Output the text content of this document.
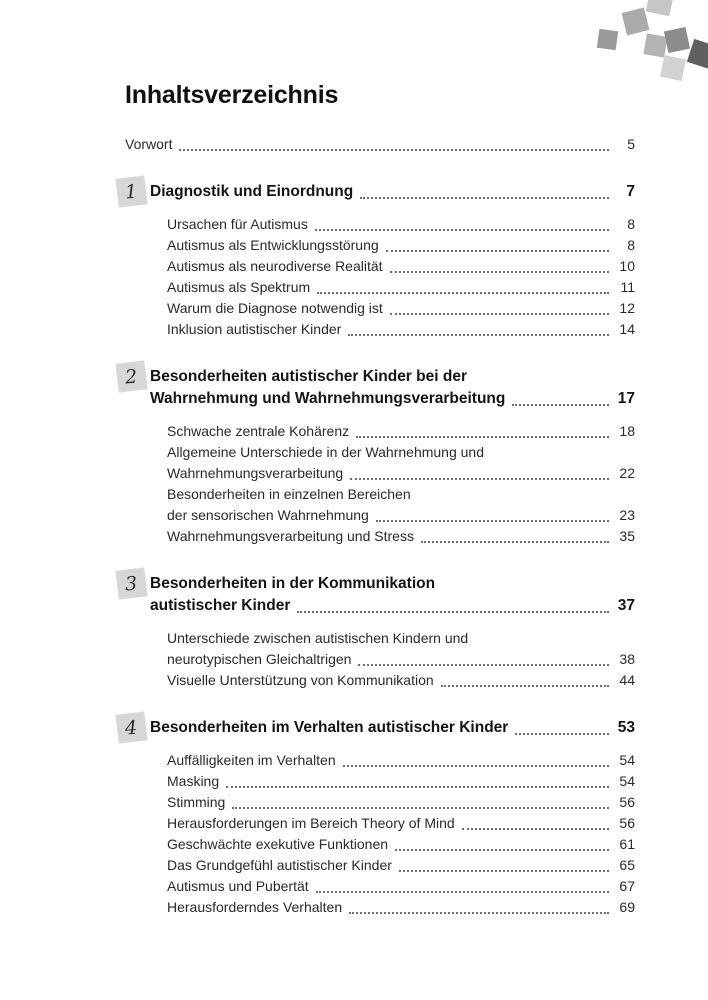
Inhaltsverzeichnis
Vorwort	5
1 Diagnostik und Einordnung	7
Ursachen für Autismus	8
Autismus als Entwicklungsstörung	8
Autismus als neurodiverse Realität	10
Autismus als Spektrum	11
Warum die Diagnose notwendig ist	12
Inklusion autistischer Kinder	14
2 Besonderheiten autistischer Kinder bei der
Wahrnehmung und Wahrnehmungsverarbeitung	17
Schwache zentrale Kohärenz	18
Allgemeine Unterschiede in der Wahrnehmung und
Wahrnehmungsverarbeitung	22
Besonderheiten in einzelnen Bereichen
der sensorischen Wahrnehmung	23
Wahrnehmungsverarbeitung und Stress	35
3 Besonderheiten in der Kommunikation
autistischer Kinder	37
Unterschiede zwischen autistischen Kindern und
neurotypischen Gleichaltrigen	38
Visuelle Unterstützung von Kommunikation	44
4 Besonderheiten im Verhalten autistischer Kinder	53
Auffälligkeiten im Verhalten	54
Masking	54
Stimming	56
Herausforderungen im Bereich Theory of Mind	56
Geschwächte exekutive Funktionen	61
Das Grundgefühl autistischer Kinder	65
Autismus und Pubertät	67
Herausforderndes Verhalten	69
